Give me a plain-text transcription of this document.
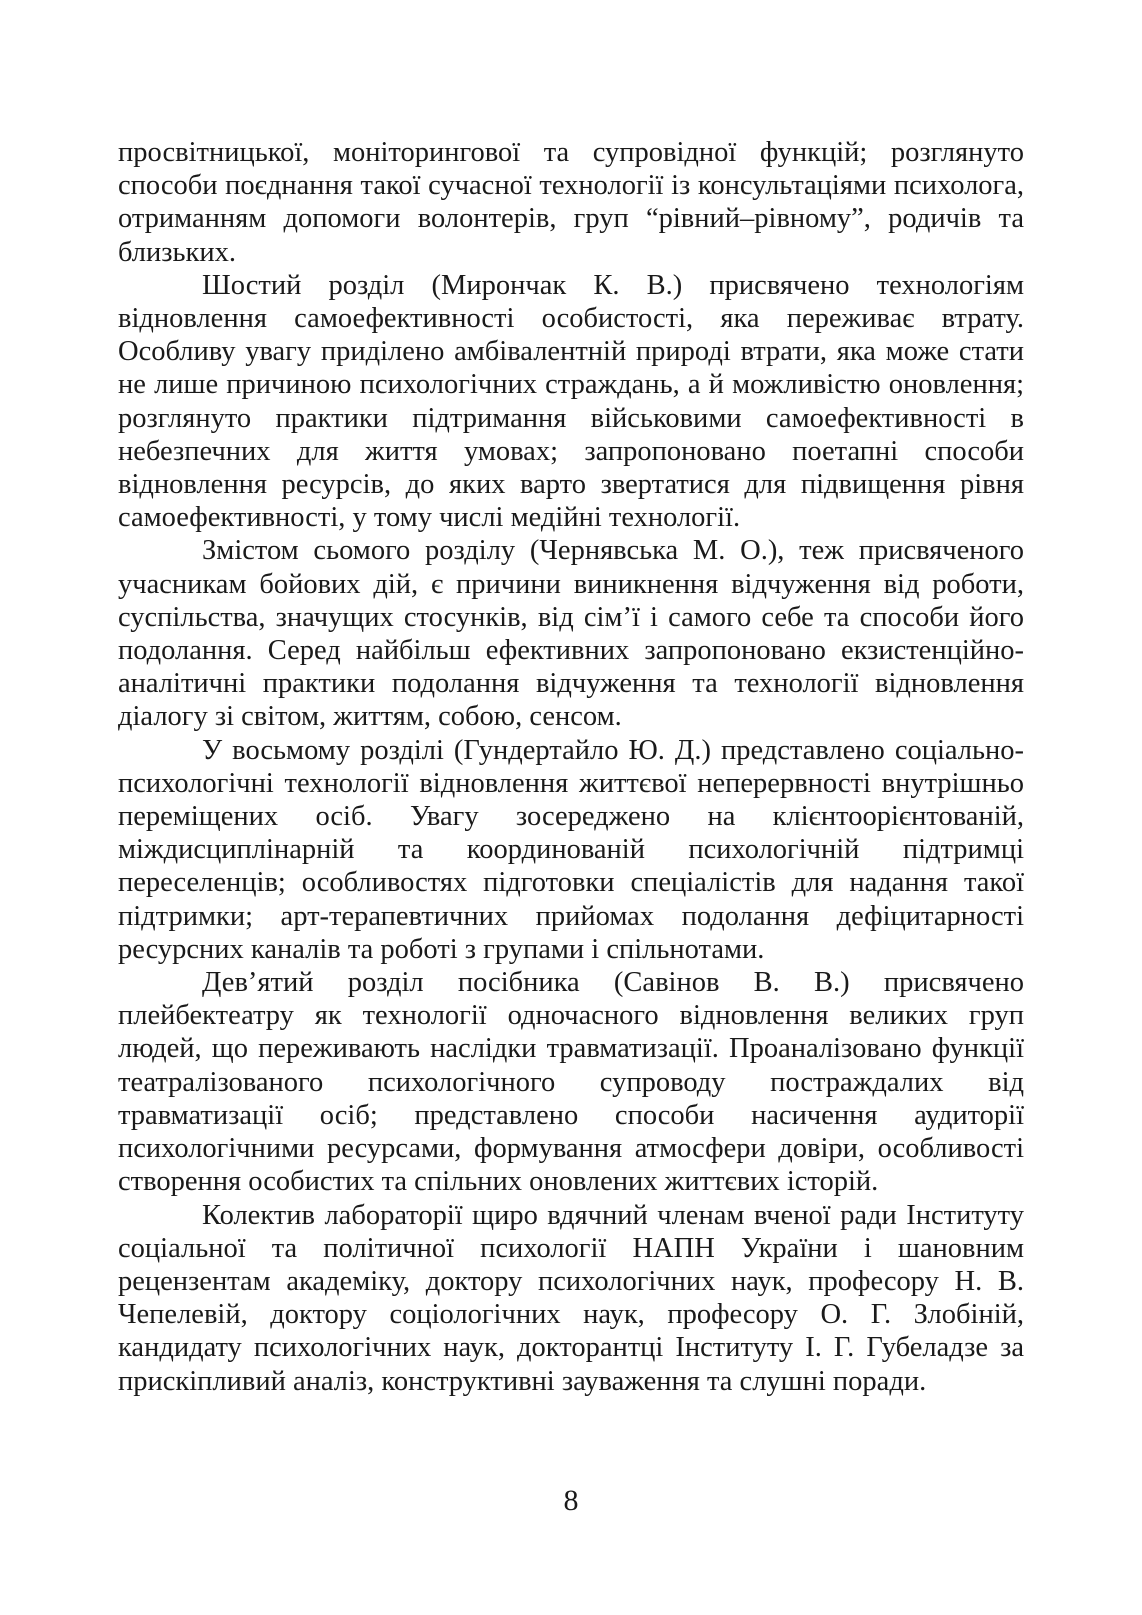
просвітницької, моніторингової та супровідної функцій; розглянуто способи поєднання такої сучасної технології із консультаціями психолога, отриманням допомоги волонтерів, груп “рівний–рівному”, родичів та близьких.

Шостий розділ (Мирончак К. В.) присвячено технологіям відновлення самоефективності особистості, яка переживає втрату. Особливу увагу приділено амбівалентній природі втрати, яка може стати не лише причиною психологічних страждань, а й можливістю оновлення; розглянуто практики підтримання військовими самоефективності в небезпечних для життя умовах; запропоновано поетапні способи відновлення ресурсів, до яких варто звертатися для підвищення рівня самоефективності, у тому числі медійні технології.

Змістом сьомого розділу (Чернявська М. О.), теж присвяченого учасникам бойових дій, є причини виникнення відчуження від роботи, суспільства, значущих стосунків, від сім’ї і самого себе та способи його подолання. Серед найбільш ефективних запропоновано екзистенційно-аналітичні практики подолання відчуження та технології відновлення діалогу зі світом, життям, собою, сенсом.

У восьмому розділі (Гундертайло Ю. Д.) представлено соціально-психологічні технології відновлення життєвої неперервності внутрішньо переміщених осіб. Увагу зосереджено на клієнтоорієнтованій, міждисциплінарній та координованій психологічній підтримці переселенців; особливостях підготовки спеціалістів для надання такої підтримки; арт-терапевтичних прийомах подолання дефіцитарності ресурсних каналів та роботі з групами і спільнотами.

Дев’ятий розділ посібника (Савінов В. В.) присвячено плейбектеатру як технології одночасного відновлення великих груп людей, що переживають наслідки травматизації. Проаналізовано функції театралізованого психологічного супроводу постраждалих від травматизації осіб; представлено способи насичення аудиторії психологічними ресурсами, формування атмосфери довіри, особливості створення особистих та спільних оновлених життєвих історій.

Колектив лабораторії щиро вдячний членам вченої ради Інституту соціальної та політичної психології НАПН України і шановним рецензентам академіку, доктору психологічних наук, професору Н. В. Чепелевій, доктору соціологічних наук, професору О. Г. Злобіній, кандидату психологічних наук, докторантці Інституту І. Г. Губеладзе за прискіпливий аналіз, конструктивні зауваження та слушні поради.

8
